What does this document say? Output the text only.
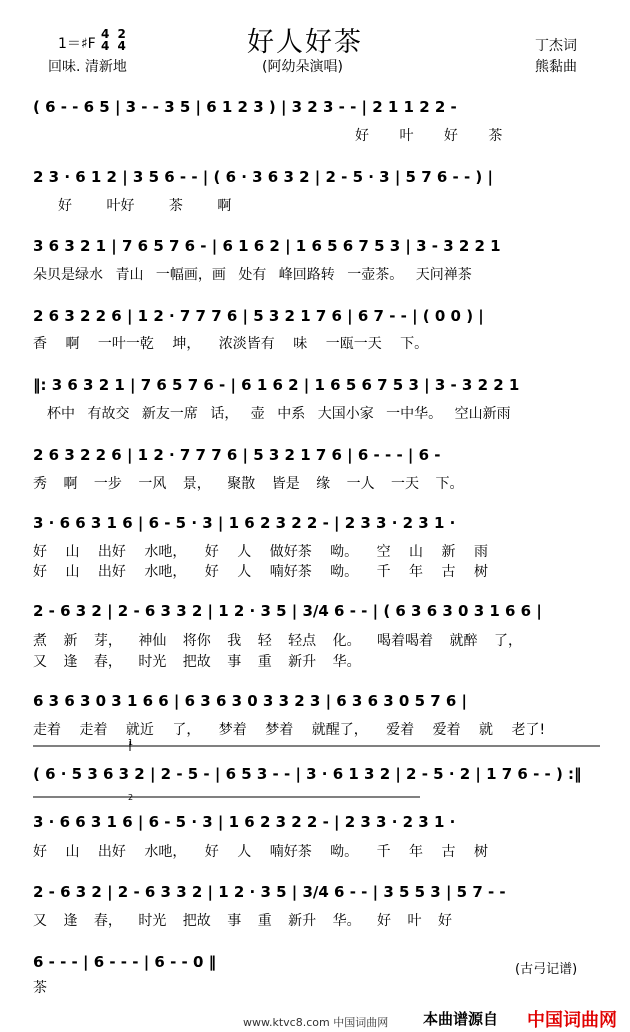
1＝♯F
4
4 2
4	好人好茶
回味. 清新地	(阿幼朵演唱)
丁杰词
熊黏曲
( 6 - - 6 5 | 3 - - 3 5 | 6 1 2 3 ) | 3 2 3 - - | 2 1 1 2 2 -
2 3 · 6 1 2 | 3 5 6 - - | ( 6 · 3 6 3 2 | 2 - 5 · 3 | 5 7 6 - - ) |
3 6 3 2 1 | 7 6 5 7 6 - | 6 1 6 2 | 1 6 5 6 7 5 3 | 3 - 3 2 2 1
2 6 3 2 2 6 | 1 2 · 7 7 7 6 | 5 3 2 1 7 6 | 6 7 - - | ( 0 0 ) |
‖: 3 6 3 2 1 | 7 6 5 7 6 - | 6 1 6 2 | 1 6 5 6 7 5 3 | 3 - 3 2 2 1
2 6 3 2 2 6 | 1 2 · 7 7 7 6 | 5 3 2 1 7 6 | 6 - - - | 6 -
3 · 6 6 3 1 6 | 6 - 5 · 3 | 1 6 2 3 2 2 - | 2 3 3 · 2 3 1 ·
2 - 6 3 2 | 2 - 6 3 3 2 | 1 2 · 3 5 | 3/4 6 - - | ( 6 3 6 3 0 3 1 6 6 |
6 3 6 3 0 3 1 6 6 | 6 3 6 3 0 3 3 2 3 | 6 3 6 3 0 5 7 6 |
( 6 · 5 3 6 3 2 | 2 - 5 - | 6 5 3 - - | 3 · 6 1 3 2 | 2 - 5 · 2 | 1 7 6 - - ) :‖
3 · 6 6 3 1 6 | 6 - 5 · 3 | 1 6 2 3 2 2 - | 2 3 3 · 2 3 1 ·
2 - 6 3 2 | 2 - 6 3 3 2 | 1 2 · 3 5 | 3/4 6 - - | 3 5 5 3 | 5 7 - -
6 - - - | 6 - - - | 6 - - 0 ‖
1
2
好 叶 好 茶
好 叶好 茶 啊
朵贝是绿水 青山 一幅画，画 处有 峰回路转 一壶茶。 天问禅茶
香 啊 一叶一乾 坤， 浓淡皆有 味 一瓯一天 下。
杯中 有故交 新友一席 话， 壶 中系 大国小家 一中华。 空山新雨
秀 啊 一步 一风 景， 聚散 皆是 缘 一人 一天 下。
好 山 出好 水吔， 好 人 做好茶 呦。 空 山 新 雨
好 山 出好 水吔， 好 人 喃好茶 呦。 千 年 古 树
煮 新 芽， 神仙 将你 我 轻 轻点 化。 喝着喝着 就醉 了，
又 逢 春， 时光 把故 事 重 新升 华。
走着 走着 就近 了， 梦着 梦着 就醒了， 爱着 爱着 就 老了!
好 山 出好 水吔， 好 人 喃好茶 呦。 千 年 古 树
又 逢 春， 时光 把故 事 重 新升 华。 好 叶 好
茶
(古弓记谱)
www.ktvc8.com 中国词曲网 本曲谱源自 中国词曲网
